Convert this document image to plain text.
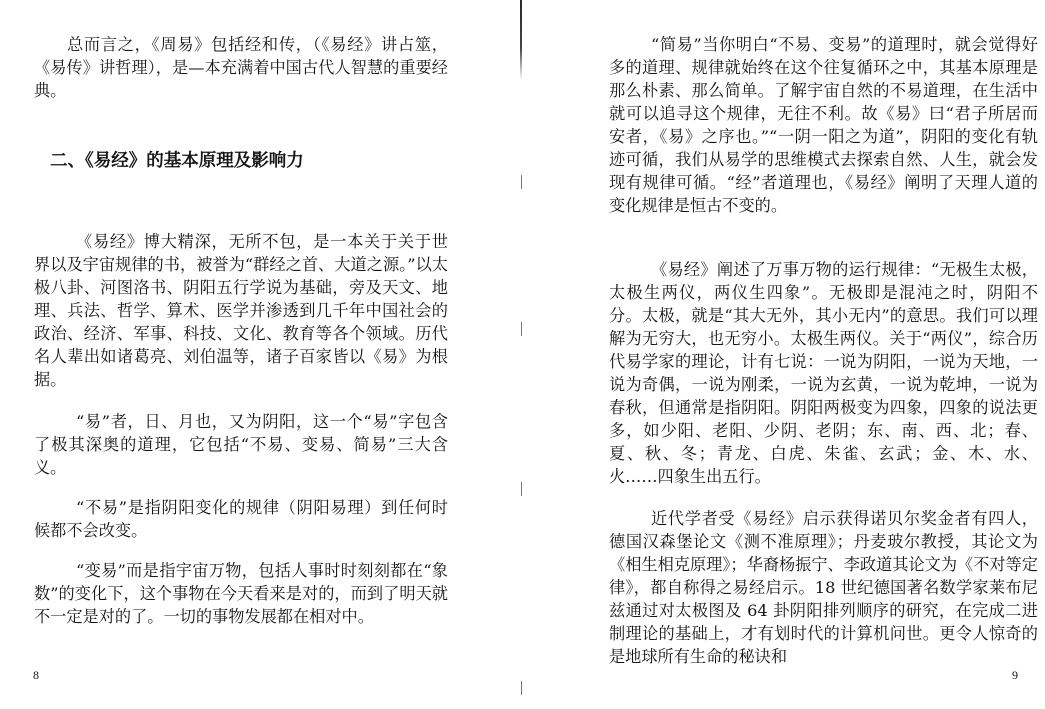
总而言之，《周易》包括经和传，（《易经》讲占筮，《易传》讲哲理），是—本充满着中国古代人智慧的重要经典。

二、《易经》的基本原理及影响力

《易经》博大精深，无所不包，是一本关于关于世界以及宇宙规律的书，被誉为“群经之首、大道之源。”以太极八卦、河图洛书、阴阳五行学说为基础，旁及天文、地理、兵法、哲学、算术、医学并渗透到几千年中国社会的政治、经济、军事、科技、文化、教育等各个领域。历代名人辈出如诸葛亮、刘伯温等，诸子百家皆以《易》为根据。

“易”者，日、月也，又为阴阳，这一个“易”字包含了极其深奥的道理，它包括“不易、变易、简易”三大含义。

“不易”是指阴阳变化的规律（阴阳易理）到任何时候都不会改变。

“变易”而是指宇宙万物，包括人事时时刻刻都在“象数”的变化下，这个事物在今天看来是对的，而到了明天就不一定是对的了。一切的事物发展都在相对中。

8

“简易”当你明白“不易、变易”的道理时，就会觉得好多的道理、规律就始终在这个往复循环之中，其基本原理是那么朴素、那么简单。了解宇宙自然的不易道理，在生活中就可以追寻这个规律，无往不利。故《易》曰“君子所居而安者，《易》之序也。”“一阴一阳之为道”，阴阳的变化有轨迹可循，我们从易学的思维模式去探索自然、人生，就会发现有规律可循。“经”者道理也，《易经》阐明了天理人道的变化规律是恒古不变的。

《易经》阐述了万事万物的运行规律：“无极生太极，太极生两仪，两仪生四象”。无极即是混沌之时，阴阳不分。太极，就是“其大无外，其小无内”的意思。我们可以理解为无穷大，也无穷小。太极生两仪。关于“两仪”，综合历代易学家的理论，计有七说：一说为阴阳，一说为天地，一说为奇偶，一说为刚柔，一说为玄黄，一说为乾坤，一说为春秋，但通常是指阴阳。阴阳两极变为四象，四象的说法更多，如少阳、老阳、少阴、老阴；东、南、西、北；春、夏、秋、冬；青龙、白虎、朱雀、玄武；金、木、水、火……四象生出五行。

近代学者受《易经》启示获得诺贝尔奖金者有四人，德国汉森堡论文《测不准原理》；丹麦玻尔教授，其论文为《相生相克原理》；华裔杨振宁、李政道其论文为《不对等定律》，都自称得之易经启示。18 世纪德国著名数学家莱布尼兹通过对太极图及 64 卦阴阳排列顺序的研究，在完成二进制理论的基础上，才有划时代的计算机问世。更令人惊奇的是地球所有生命的秘诀和

9
